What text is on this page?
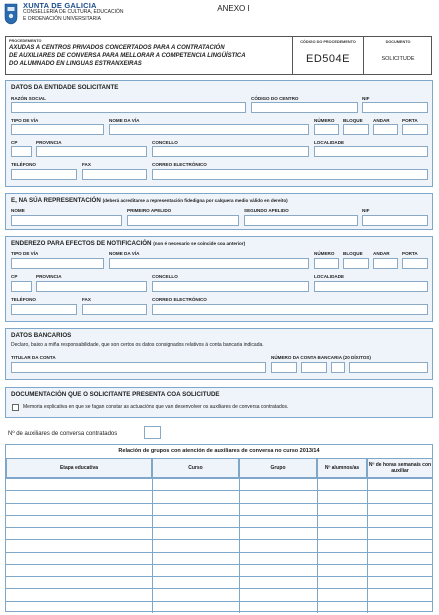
XUNTA DE GALICIA
CONSELLERÍA DE CULTURA, EDUCACIÓN
E ORDENACIÓN UNIVERSITARIA
ANEXO I
PROCEDEMENTO
AXUDAS A CENTROS PRIVADOS CONCERTADOS PARA A CONTRATACIÓN
DE AUXILIARES DE CONVERSA PARA MELLORAR A COMPETENCIA LINGÜÍSTICA
DO ALUMNADO EN LINGUAS ESTRANXEIRAS
CÓDIGO DO PROCEDEMENTO
ED504E
DOCUMENTO
SOLICITUDE
DATOS DA ENTIDADE SOLICITANTE
RAZÓN SOCIAL	CÓDIGO DO CENTRO	NIF
TIPO DE VÍA	NOME DA VÍA	NÚMERO BLOQUE ANDAR	PORTA
CP	PROVINCIA	CONCELLO	LOCALIDADE
TELÉFONO	FAX	CORREO ELECTRÓNICO
E, NA SÚA REPRESENTACIÓN (deberá acreditarse a representación fidedigna por calquera medio válido en dereito)
NOME	PRIMEIRO APELIDO	SEGUNDO APELIDO	NIF
ENDEREZO PARA EFECTOS DE NOTIFICACIÓN (non é necesario se coincide coa anterior)
TIPO DE VÍA	NOME DA VÍA	NÚMERO BLOQUE ANDAR	PORTA
CP	PROVINCIA	CONCELLO	LOCALIDADE
TELÉFONO	FAX	CORREO ELECTRÓNICO
DATOS BANCARIOS
Declaro, baixo a miña responsabilidade, que son certos os datos consignados relativos á conta bancaria indicada.
TITULAR DA CONTA	NÚMERO DA CONTA BANCARIA (20 DÍXITOS)
DOCUMENTACIÓN QUE O SOLICITANTE PRESENTA COA SOLICITUDE
Memoria explicativa en que se fagan constar as actuacións que van desenvolver os auxiliares de conversa contratados.
Nº de auxiliares de conversa contratados
Relación de grupos con atención de auxiliares de conversa no curso 2013/14
Etapa educativa	Curso	Grupo	Nº alumnos/as	Nº de horas semanais con auxiliar
